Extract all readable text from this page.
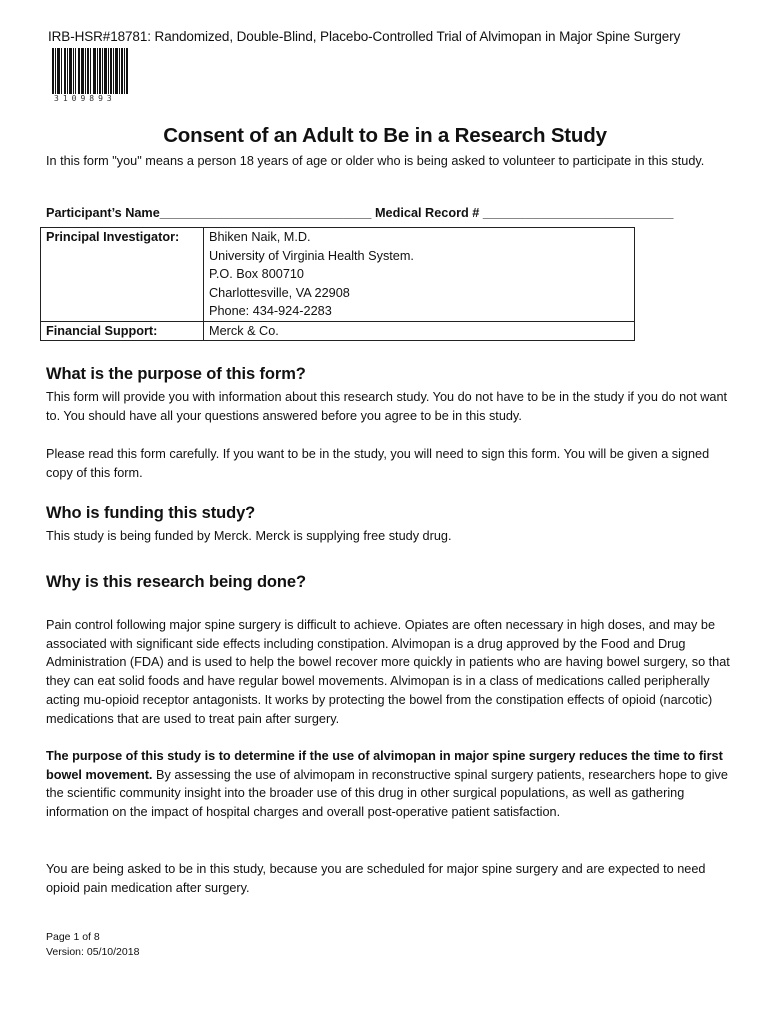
IRB-HSR#18781: Randomized, Double-Blind, Placebo-Controlled Trial of Alvimopan in Major Spine Surgery
3109893
Consent of an Adult to Be in a Research Study

In this form "you" means a person 18 years of age or older who is being asked to volunteer to participate in this study.

Participant’s Name______________________________ Medical Record # ___________________________
Principal Investigator:	Bhiken Naik, M.D.
University of Virginia Health System.
P.O. Box 800710
Charlottesville, VA 22908
Phone: 434-924-2283

Financial Support:	Merck & Co.
What is the purpose of this form?

This form will provide you with information about this research study. You do not have to be in the study if you do not want to. You should have all your questions answered before you agree to be in this study.

Please read this form carefully. If you want to be in the study, you will need to sign this form. You will be given a signed copy of this form.

Who is funding this study?

This study is being funded by Merck. Merck is supplying free study drug.

Why is this research being done?

Pain control following major spine surgery is difficult to achieve. Opiates are often necessary in high doses, and may be associated with significant side effects including constipation. Alvimopan is a drug approved by the Food and Drug Administration (FDA) and is used to help the bowel recover more quickly in patients who are having bowel surgery, so that they can eat solid foods and have regular bowel movements. Alvimopan is in a class of medications called peripherally acting mu-opioid receptor antagonists. It works by protecting the bowel from the constipation effects of opioid (narcotic) medications that are used to treat pain after surgery.

The purpose of this study is to determine if the use of alvimopan in major spine surgery reduces the time to first bowel movement. By assessing the use of alvimopam in reconstructive spinal surgery patients, researchers hope to give the scientific community insight into the broader use of this drug in other surgical populations, as well as gathering information on the impact of hospital charges and overall post-operative patient satisfaction.

You are being asked to be in this study, because you are scheduled for major spine surgery and are expected to need opioid pain medication after surgery.

Page 1 of 8
Version: 05/10/2018
